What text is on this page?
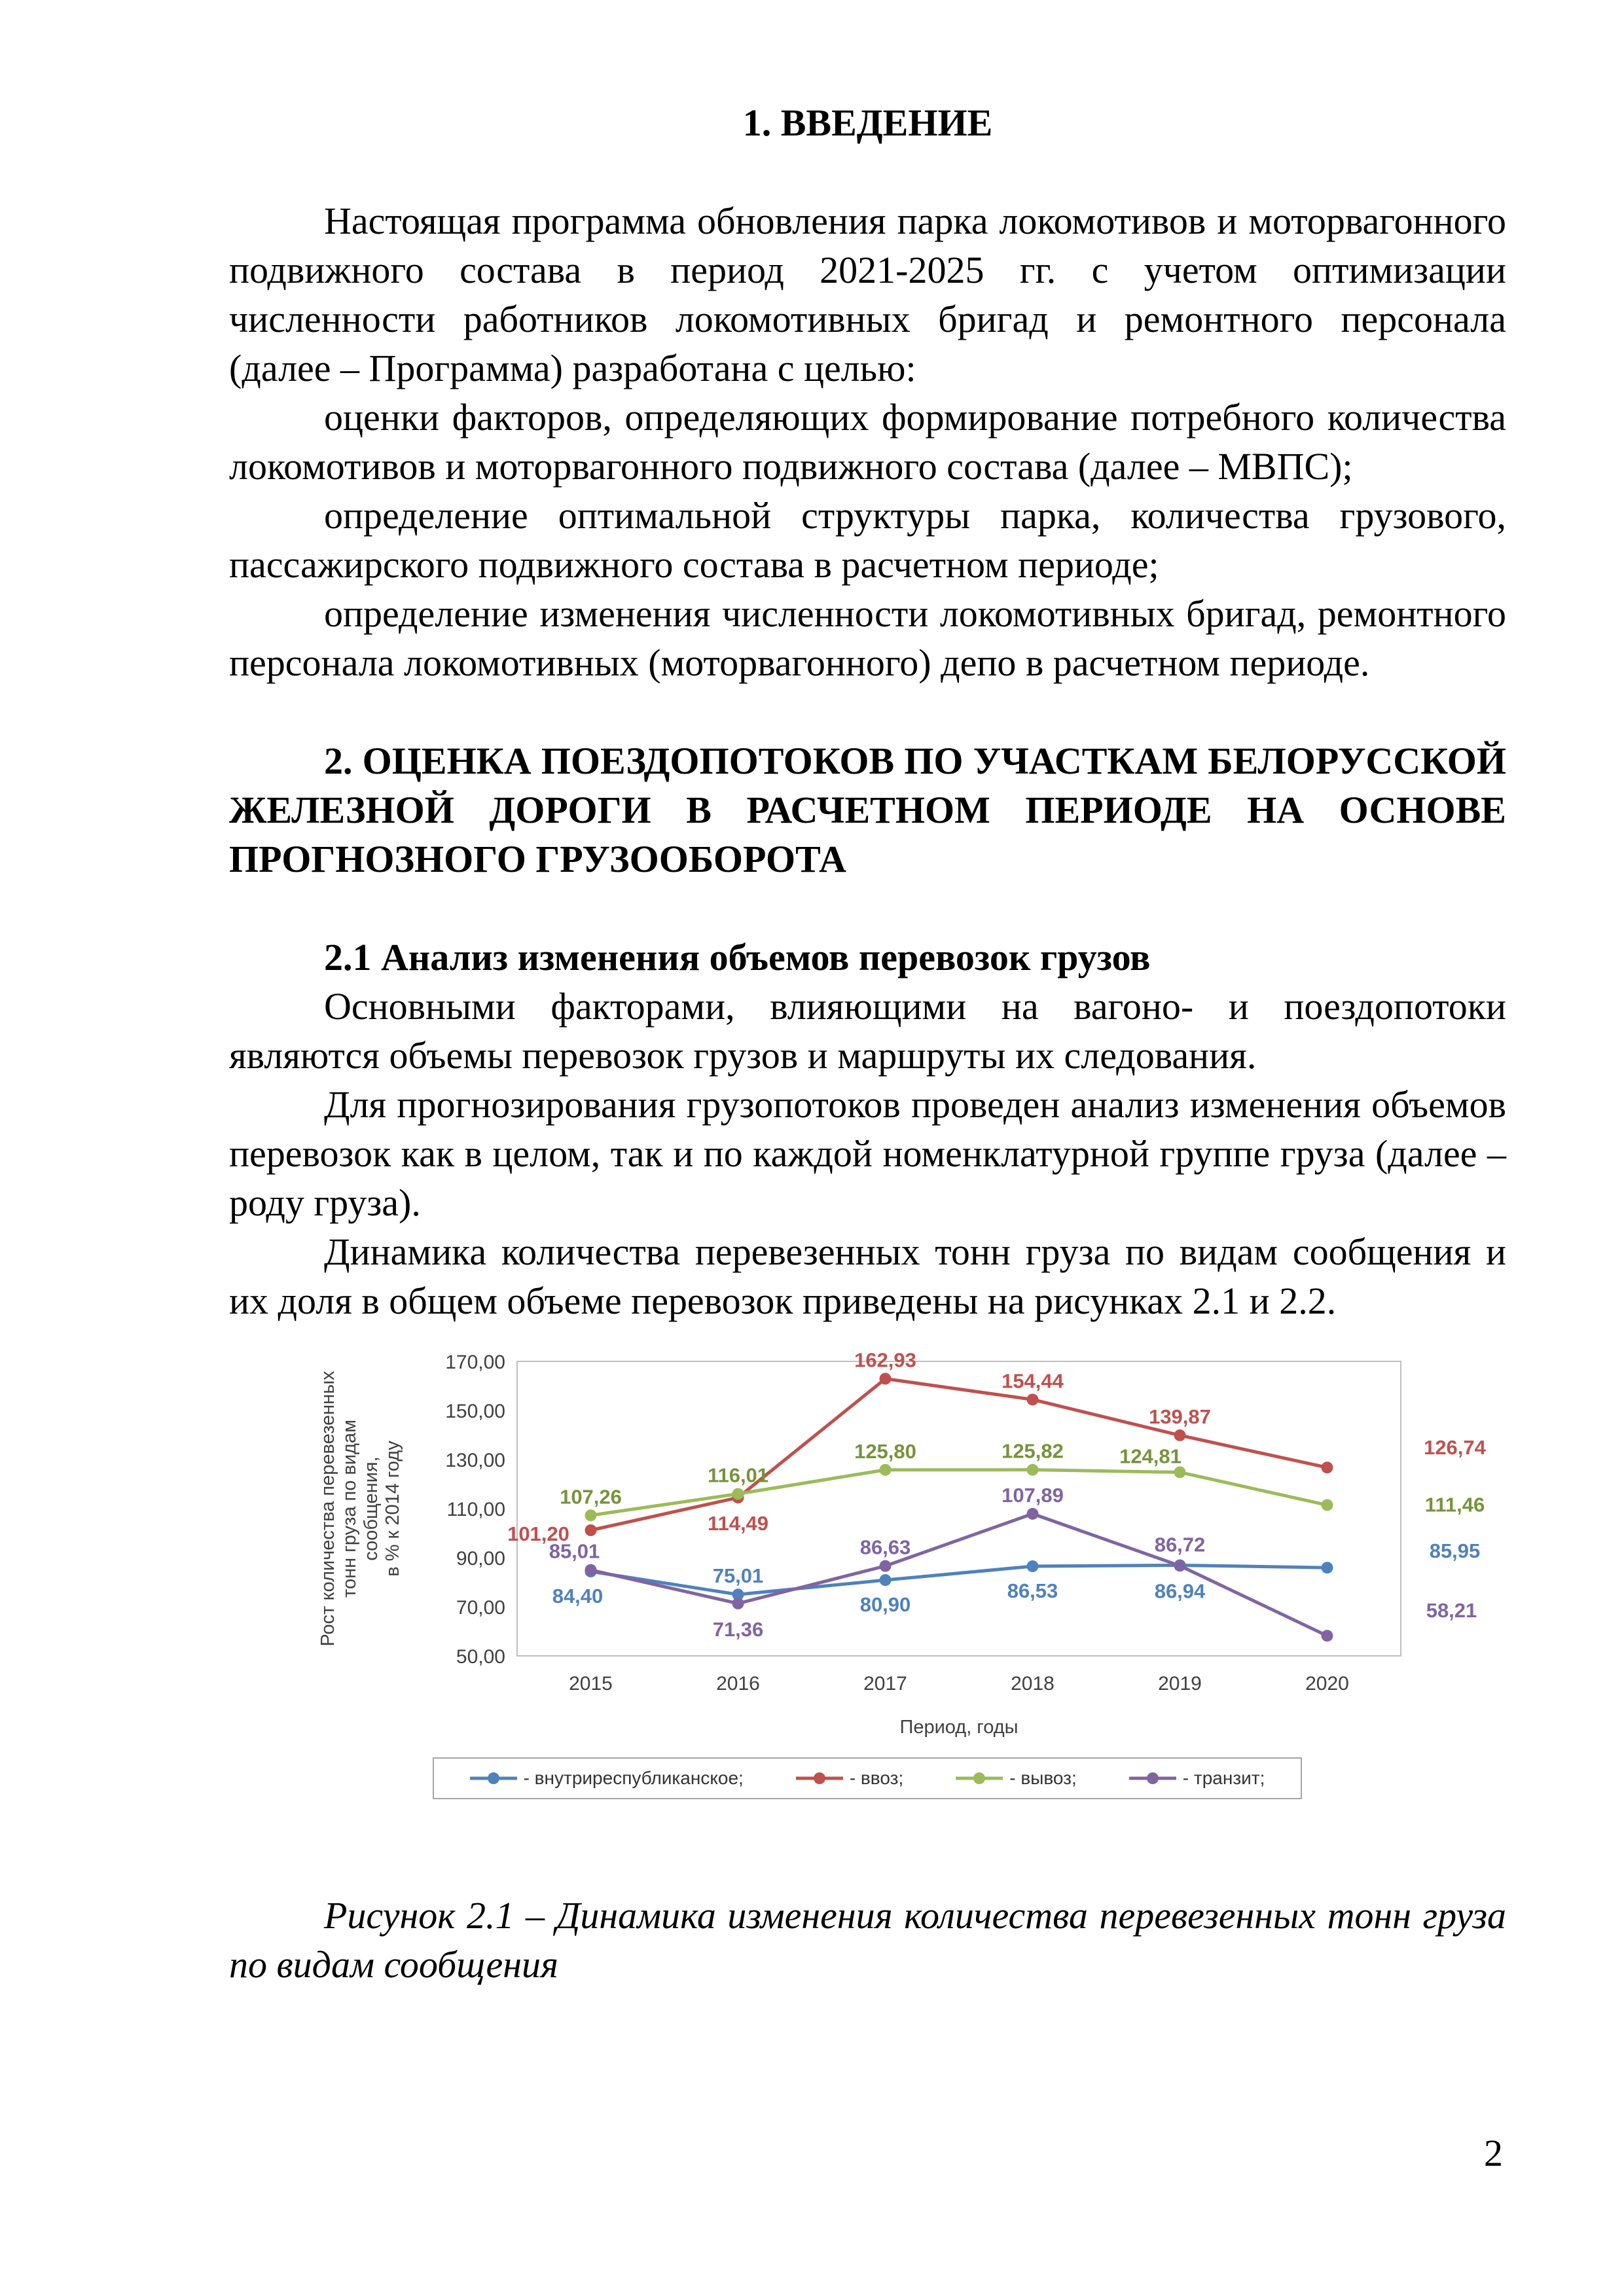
1. ВВЕДЕНИЕ

Настоящая программа обновления парка локомотивов и моторвагонного подвижного состава в период 2021-2025 гг. с учетом оптимизации численности работников локомотивных бригад и ремонтного персонала (далее – Программа) разработана с целью:

оценки факторов, определяющих формирование потребного количества локомотивов и моторвагонного подвижного состава (далее – МВПС);

определение оптимальной структуры парка, количества грузового, пассажирского подвижного состава в расчетном периоде;

определение изменения численности локомотивных бригад, ремонтного персонала локомотивных (моторвагонного) депо в расчетном периоде.

2. ОЦЕНКА ПОЕЗДОПОТОКОВ ПО УЧАСТКАМ БЕЛОРУССКОЙ ЖЕЛЕЗНОЙ ДОРОГИ В РАСЧЕТНОМ ПЕРИОДЕ НА ОСНОВЕ ПРОГНОЗНОГО ГРУЗООБОРОТА
2.1 Анализ изменения объемов перевозок грузов

Основными факторами, влияющими на вагоно- и поездопотоки являются объемы перевозок грузов и маршруты их следования.

Для прогнозирования грузопотоков проведен анализ изменения объемов перевозок как в целом, так и по каждой номенклатурной группе груза (далее – роду груза).

Динамика количества перевезенных тонн груза по видам сообщения и их доля в общем объеме перевозок приведены на рисунках 2.1 и 2.2.

50,00
70,00
90,00
110,00
130,00
150,00
170,00
2015	2016	2017	2018	2019	2020
Период, годы
Рост количества перевезенных тонн груза по видам сообщения, в % к 2014 году
84,40
75,01
80,90
86,53	86,94
85,95
101,20	114,49
162,93
154,44
139,87
126,74
107,26
116,01
125,80	125,82	124,81
111,46
85,01
71,36
86,63
107,89
86,72
58,21
- внутриреспубликанское;	- ввоз;	- вывоз;	- транзит;

Рисунок 2.1 – Динамика изменения количества перевезенных тонн груза по видам сообщения

2
